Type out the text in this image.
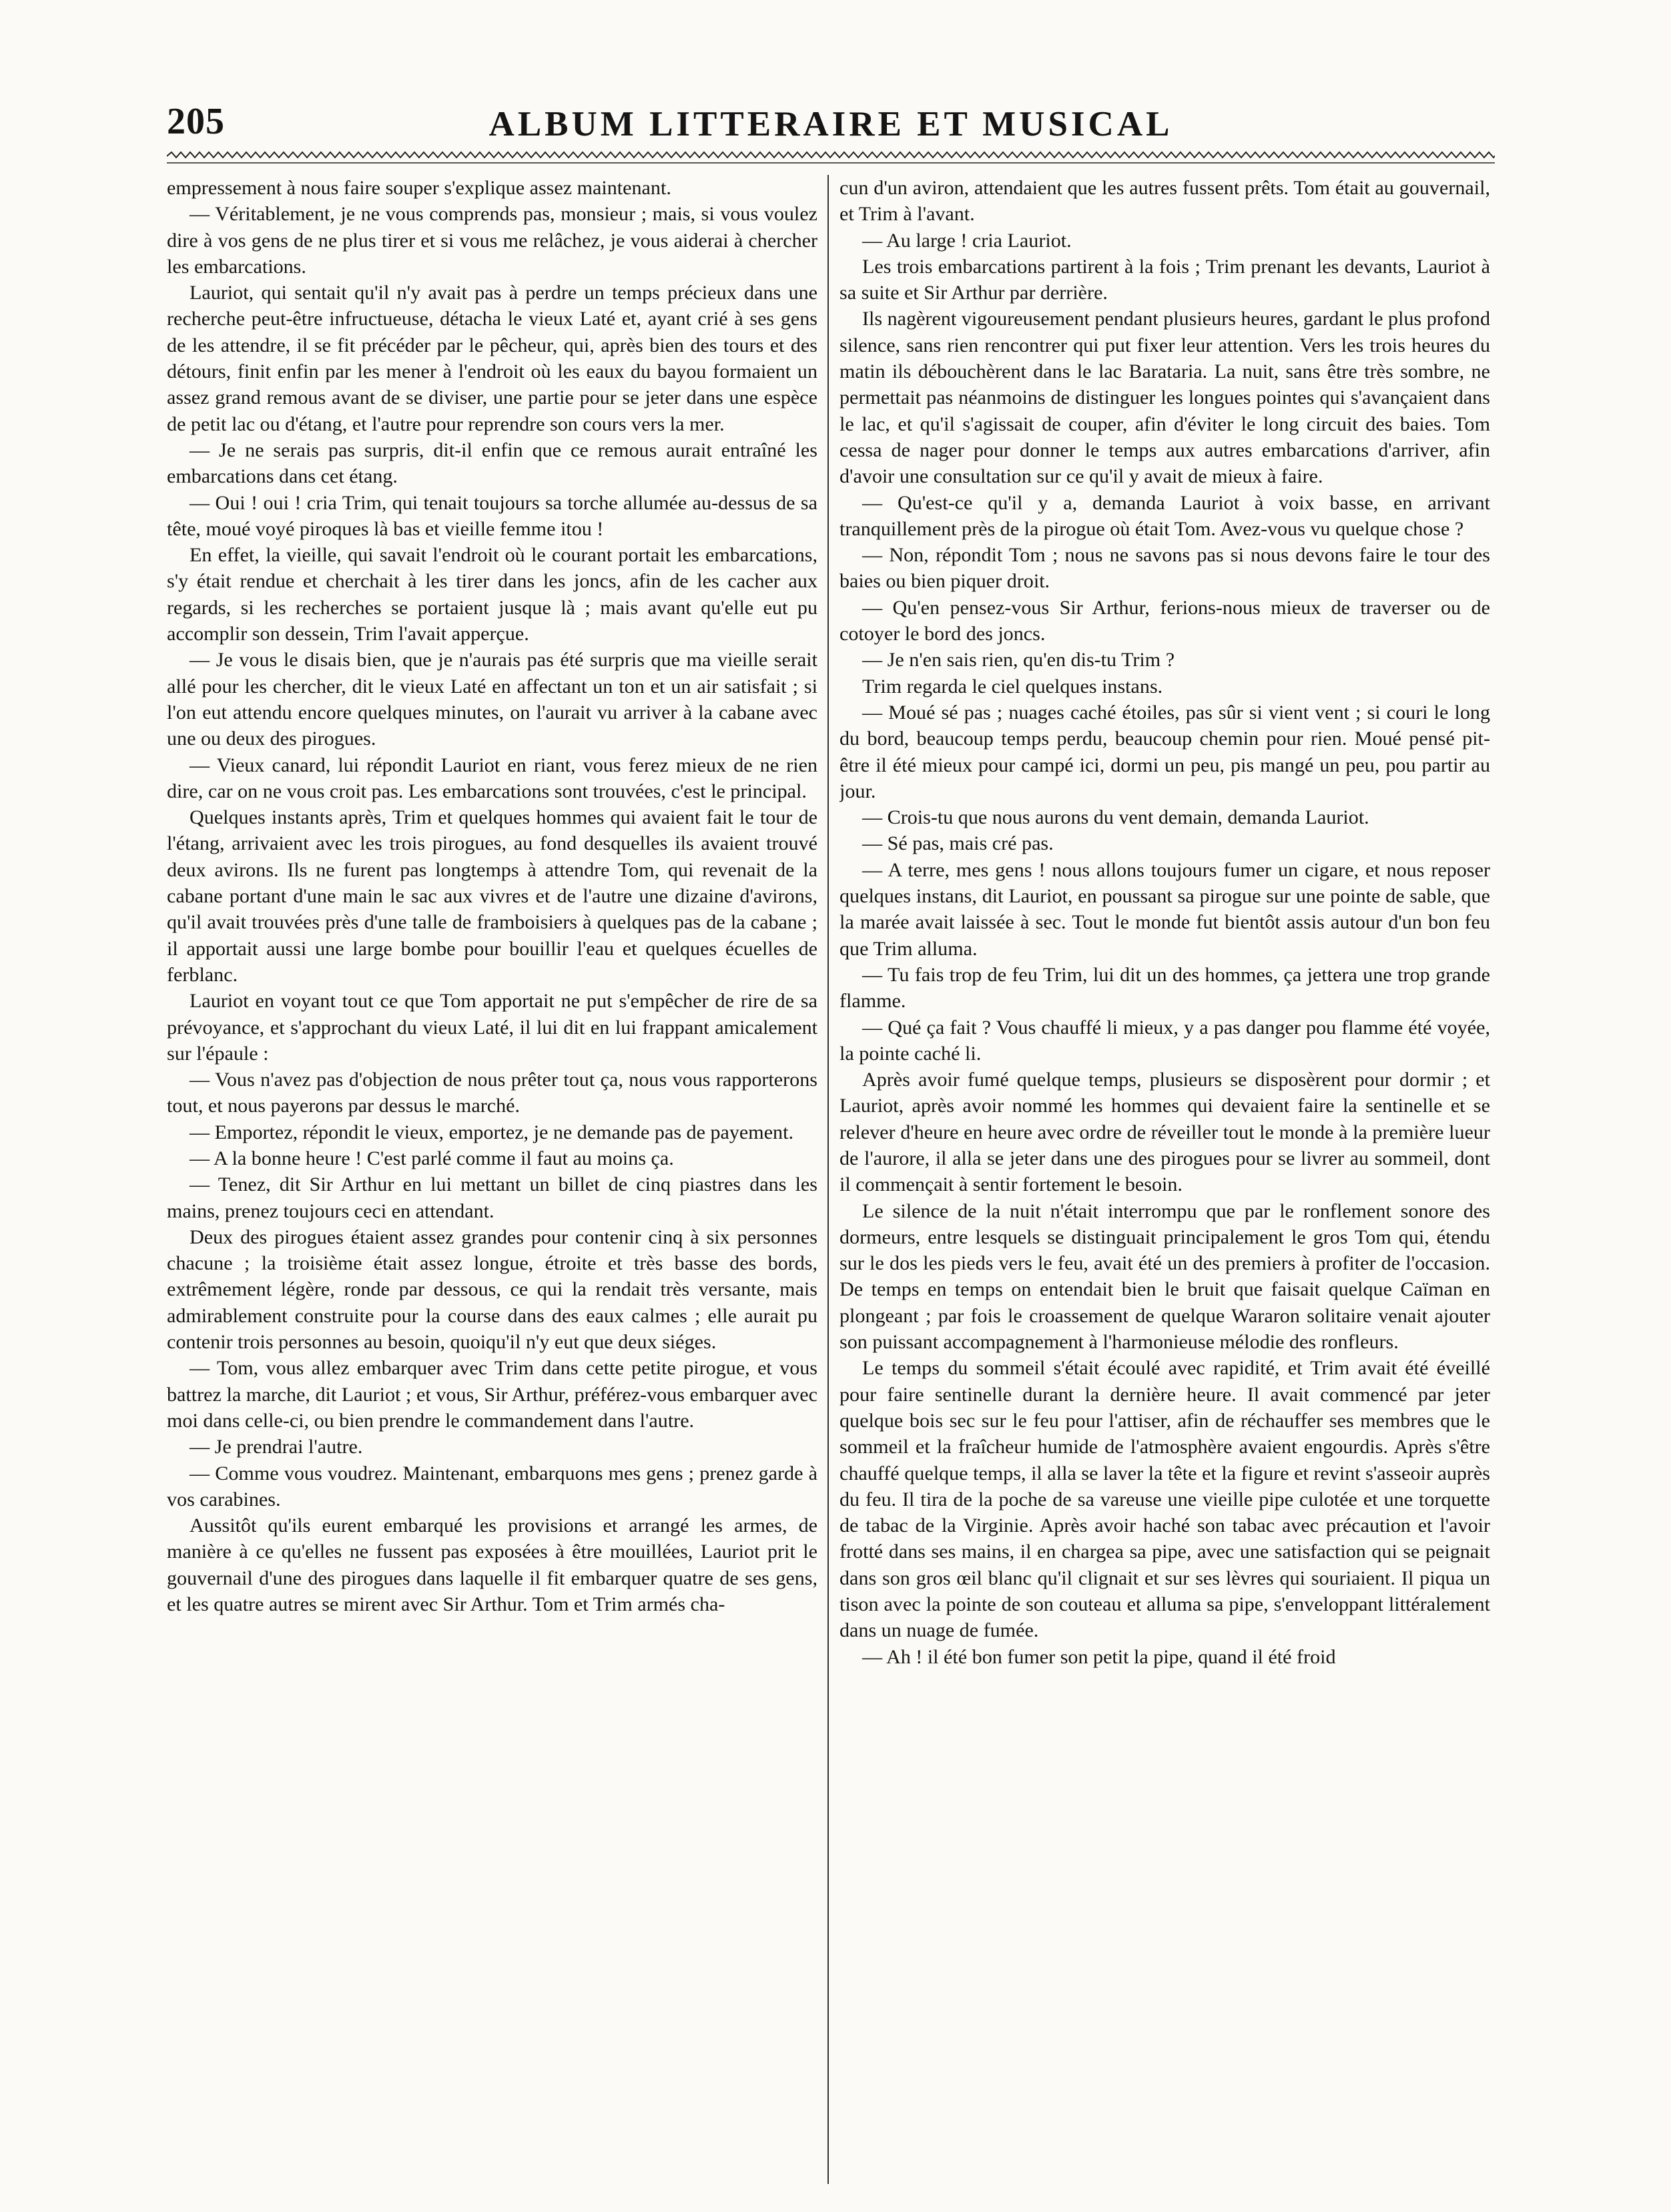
205	ALBUM LITTERAIRE ET MUSICAL

empressement à nous faire souper s'explique assez maintenant.

— Véritablement, je ne vous comprends pas, monsieur ; mais, si vous voulez dire à vos gens de ne plus tirer et si vous me relâchez, je vous aiderai à chercher les embarcations.

Lauriot, qui sentait qu'il n'y avait pas à perdre un temps précieux dans une recherche peut-être infructueuse, détacha le vieux Laté et, ayant crié à ses gens de les attendre, il se fit précéder par le pêcheur, qui, après bien des tours et des détours, finit enfin par les mener à l'endroit où les eaux du bayou formaient un assez grand remous avant de se diviser, une partie pour se jeter dans une espèce de petit lac ou d'étang, et l'autre pour reprendre son cours vers la mer.

— Je ne serais pas surpris, dit-il enfin que ce remous aurait entraîné les embarcations dans cet étang.

— Oui ! oui ! cria Trim, qui tenait toujours sa torche allumée au-dessus de sa tête, moué voyé piroques là bas et vieille femme itou !

En effet, la vieille, qui savait l'endroit où le courant portait les embarcations, s'y était rendue et cherchait à les tirer dans les joncs, afin de les cacher aux regards, si les recherches se portaient jusque là ; mais avant qu'elle eut pu accomplir son dessein, Trim l'avait apperçue.

— Je vous le disais bien, que je n'aurais pas été surpris que ma vieille serait allé pour les chercher, dit le vieux Laté en affectant un ton et un air satisfait ; si l'on eut attendu encore quelques minutes, on l'aurait vu arriver à la cabane avec une ou deux des pirogues.

— Vieux canard, lui répondit Lauriot en riant, vous ferez mieux de ne rien dire, car on ne vous croit pas. Les embarcations sont trouvées, c'est le principal.

Quelques instants après, Trim et quelques hommes qui avaient fait le tour de l'étang, arrivaient avec les trois pirogues, au fond desquelles ils avaient trouvé deux avirons. Ils ne furent pas longtemps à attendre Tom, qui revenait de la cabane portant d'une main le sac aux vivres et de l'autre une dizaine d'avirons, qu'il avait trouvées près d'une talle de framboisiers à quelques pas de la cabane ; il apportait aussi une large bombe pour bouillir l'eau et quelques écuelles de ferblanc.

Lauriot en voyant tout ce que Tom apportait ne put s'empêcher de rire de sa prévoyance, et s'approchant du vieux Laté, il lui dit en lui frappant amicalement sur l'épaule :

— Vous n'avez pas d'objection de nous prêter tout ça, nous vous rapporterons tout, et nous payerons par dessus le marché.

— Emportez, répondit le vieux, emportez, je ne demande pas de payement.

— A la bonne heure ! C'est parlé comme il faut au moins ça.

— Tenez, dit Sir Arthur en lui mettant un billet de cinq piastres dans les mains, prenez toujours ceci en attendant.

Deux des pirogues étaient assez grandes pour contenir cinq à six personnes chacune ; la troisième était assez longue, étroite et très basse des bords, extrêmement légère, ronde par dessous, ce qui la rendait très versante, mais admirablement construite pour la course dans des eaux calmes ; elle aurait pu contenir trois personnes au besoin, quoiqu'il n'y eut que deux siéges.

— Tom, vous allez embarquer avec Trim dans cette petite pirogue, et vous battrez la marche, dit Lauriot ; et vous, Sir Arthur, préférez-vous embarquer avec moi dans celle-ci, ou bien prendre le commandement dans l'autre.

— Je prendrai l'autre.

— Comme vous voudrez. Maintenant, embarquons mes gens ; prenez garde à vos carabines.

Aussitôt qu'ils eurent embarqué les provisions et arrangé les armes, de manière à ce qu'elles ne fussent pas exposées à être mouillées, Lauriot prit le gouvernail d'une des pirogues dans laquelle il fit embarquer quatre de ses gens, et les quatre autres se mirent avec Sir Arthur. Tom et Trim armés cha-

cun d'un aviron, attendaient que les autres fussent prêts. Tom était au gouvernail, et Trim à l'avant.

— Au large ! cria Lauriot.

Les trois embarcations partirent à la fois ; Trim prenant les devants, Lauriot à sa suite et Sir Arthur par derrière.

Ils nagèrent vigoureusement pendant plusieurs heures, gardant le plus profond silence, sans rien rencontrer qui put fixer leur attention. Vers les trois heures du matin ils débouchèrent dans le lac Barataria. La nuit, sans être très sombre, ne permettait pas néanmoins de distinguer les longues pointes qui s'avançaient dans le lac, et qu'il s'agissait de couper, afin d'éviter le long circuit des baies. Tom cessa de nager pour donner le temps aux autres embarcations d'arriver, afin d'avoir une consultation sur ce qu'il y avait de mieux à faire.

— Qu'est-ce qu'il y a, demanda Lauriot à voix basse, en arrivant tranquillement près de la pirogue où était Tom. Avez-vous vu quelque chose ?

— Non, répondit Tom ; nous ne savons pas si nous devons faire le tour des baies ou bien piquer droit.

— Qu'en pensez-vous Sir Arthur, ferions-nous mieux de traverser ou de cotoyer le bord des joncs.

— Je n'en sais rien, qu'en dis-tu Trim ?

Trim regarda le ciel quelques instans.

— Moué sé pas ; nuages caché étoiles, pas sûr si vient vent ; si couri le long du bord, beaucoup temps perdu, beaucoup chemin pour rien. Moué pensé pit-être il été mieux pour campé ici, dormi un peu, pis mangé un peu, pou partir au jour.

— Crois-tu que nous aurons du vent demain, demanda Lauriot.

— Sé pas, mais cré pas.

— A terre, mes gens ! nous allons toujours fumer un cigare, et nous reposer quelques instans, dit Lauriot, en poussant sa pirogue sur une pointe de sable, que la marée avait laissée à sec. Tout le monde fut bientôt assis autour d'un bon feu que Trim alluma.

— Tu fais trop de feu Trim, lui dit un des hommes, ça jettera une trop grande flamme.

— Qué ça fait ? Vous chauffé li mieux, y a pas danger pou flamme été voyée, la pointe caché li.

Après avoir fumé quelque temps, plusieurs se disposèrent pour dormir ; et Lauriot, après avoir nommé les hommes qui devaient faire la sentinelle et se relever d'heure en heure avec ordre de réveiller tout le monde à la première lueur de l'aurore, il alla se jeter dans une des pirogues pour se livrer au sommeil, dont il commençait à sentir fortement le besoin.

Le silence de la nuit n'était interrompu que par le ronflement sonore des dormeurs, entre lesquels se distinguait principalement le gros Tom qui, étendu sur le dos les pieds vers le feu, avait été un des premiers à profiter de l'occasion. De temps en temps on entendait bien le bruit que faisait quelque Caïman en plongeant ; par fois le croassement de quelque Wararon solitaire venait ajouter son puissant accompagnement à l'harmonieuse mélodie des ronfleurs.

Le temps du sommeil s'était écoulé avec rapidité, et Trim avait été éveillé pour faire sentinelle durant la dernière heure. Il avait commencé par jeter quelque bois sec sur le feu pour l'attiser, afin de réchauffer ses membres que le sommeil et la fraîcheur humide de l'atmosphère avaient engourdis. Après s'être chauffé quelque temps, il alla se laver la tête et la figure et revint s'asseoir auprès du feu. Il tira de la poche de sa vareuse une vieille pipe culotée et une torquette de tabac de la Virginie. Après avoir haché son tabac avec précaution et l'avoir frotté dans ses mains, il en chargea sa pipe, avec une satisfaction qui se peignait dans son gros œil blanc qu'il clignait et sur ses lèvres qui souriaient. Il piqua un tison avec la pointe de son couteau et alluma sa pipe, s'enveloppant littéralement dans un nuage de fumée.

— Ah ! il été bon fumer son petit la pipe, quand il été froid
